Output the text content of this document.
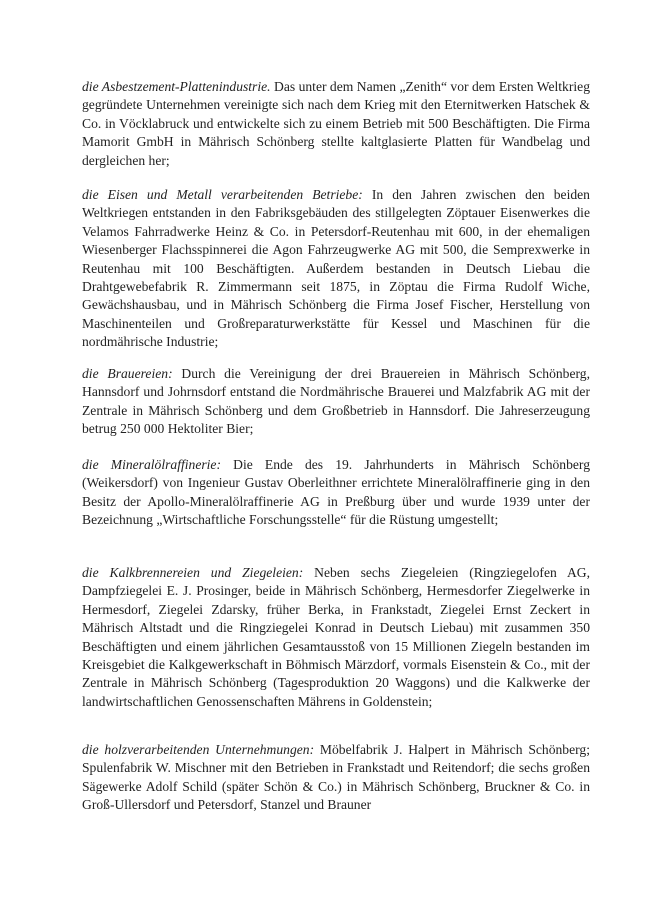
die Asbestzement-Plattenindustrie. Das unter dem Namen „Zenith“ vor dem Ersten Weltkrieg gegründete Unternehmen vereinigte sich nach dem Krieg mit den Eternitwerken Hatschek & Co. in Vöcklabruck und entwickelte sich zu einem Betrieb mit 500 Beschäftigten. Die Firma Mamorit GmbH in Mährisch Schönberg stellte kaltglasierte Platten für Wandbelag und dergleichen her;

die Eisen und Metall verarbeitenden Betriebe: In den Jahren zwischen den beiden Weltkriegen entstanden in den Fabriksgebäuden des stillgelegten Zöptauer Eisenwerkes die Velamos Fahrradwerke Heinz & Co. in Petersdorf-Reutenhau mit 600, in der ehemaligen Wiesenberger Flachsspinnerei die Agon Fahrzeugwerke AG mit 500, die Semprexwerke in Reutenhau mit 100 Beschäftigten. Außerdem bestanden in Deutsch Liebau die Drahtgewebefabrik R. Zimmermann seit 1875, in Zöptau die Firma Rudolf Wiche, Gewächshausbau, und in Mährisch Schönberg die Firma Josef Fischer, Herstellung von Maschinenteilen und Großreparaturwerkstätte für Kessel und Maschinen für die nordmährische Industrie;

die Brauereien: Durch die Vereinigung der drei Brauereien in Mährisch Schönberg, Hannsdorf und Johrnsdorf entstand die Nordmährische Brauerei und Malzfabrik AG mit der Zentrale in Mährisch Schönberg und dem Großbetrieb in Hannsdorf. Die Jahreserzeugung betrug 250 000 Hektoliter Bier;

die Mineralölraffinerie: Die Ende des 19. Jahrhunderts in Mährisch Schönberg (Weikersdorf) von Ingenieur Gustav Oberleithner errichtete Mineralölraffinerie ging in den Besitz der Apollo-Mineralölraffinerie AG in Preßburg über und wurde 1939 unter der Bezeichnung „Wirtschaftliche Forschungsstelle“ für die Rüstung umgestellt;

die Kalkbrennereien und Ziegeleien: Neben sechs Ziegeleien (Ringziegelofen AG, Dampfziegelei E. J. Prosinger, beide in Mährisch Schönberg, Hermesdorfer Ziegelwerke in Hermesdorf, Ziegelei Zdarsky, früher Berka, in Frankstadt, Ziegelei Ernst Zeckert in Mährisch Altstadt und die Ringziegelei Konrad in Deutsch Liebau) mit zusammen 350 Beschäftigten und einem jährlichen Gesamtausstoß von 15 Millionen Ziegeln bestanden im Kreisgebiet die Kalkgewerkschaft in Böhmisch Märzdorf, vormals Eisenstein & Co., mit der Zentrale in Mährisch Schönberg (Tagesproduktion 20 Waggons) und die Kalkwerke der landwirtschaftlichen Genossenschaften Mährens in Goldenstein;

die holzverarbeitenden Unternehmungen: Möbelfabrik J. Halpert in Mährisch Schönberg; Spulenfabrik W. Mischner mit den Betrieben in Frankstadt und Reitendorf; die sechs großen Sägewerke Adolf Schild (später Schön & Co.) in Mährisch Schönberg, Bruckner & Co. in Groß-Ullersdorf und Petersdorf, Stanzel und Brauner
